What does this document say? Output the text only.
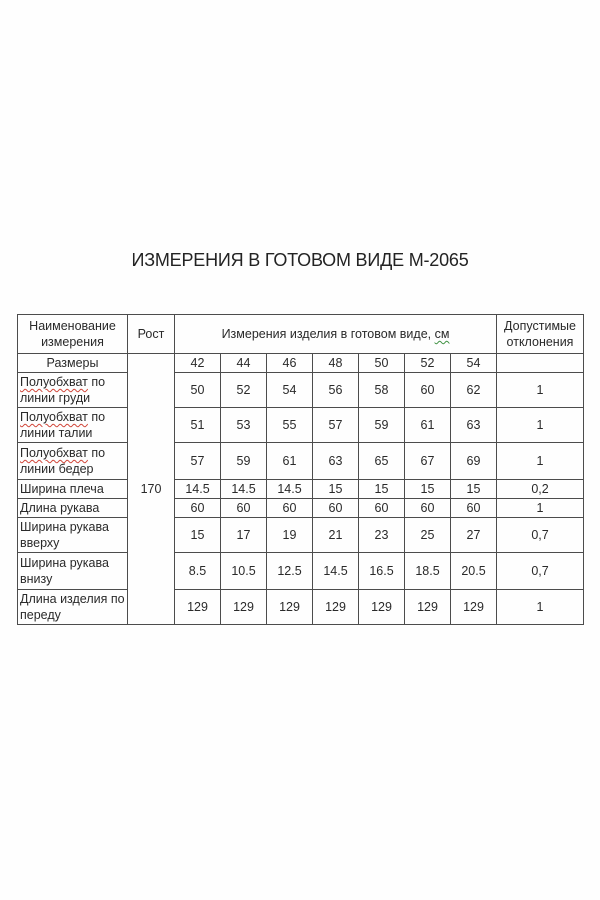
ИЗМЕРЕНИЯ В ГОТОВОМ ВИДЕ М-2065
Наименование измерения	Рост	Измерения изделия в готовом виде, см							Допустимые отклонения
Размеры	170	42	44	46	48	50	52	54	
Полуобхват по линии груди		50	52	54	56	58	60	62	1
Полуобхват по линии талии		51	53	55	57	59	61	63	1
Полуобхват по линии бедер		57	59	61	63	65	67	69	1
Ширина плеча		14.5	14.5	14.5	15	15	15	15	0,2
Длина рукава		60	60	60	60	60	60	60	1
Ширина рукава вверху		15	17	19	21	23	25	27	0,7
Ширина рукава внизу		8.5	10.5	12.5	14.5	16.5	18.5	20.5	0,7
Длина изделия по переду		129	129	129	129	129	129	129	1
